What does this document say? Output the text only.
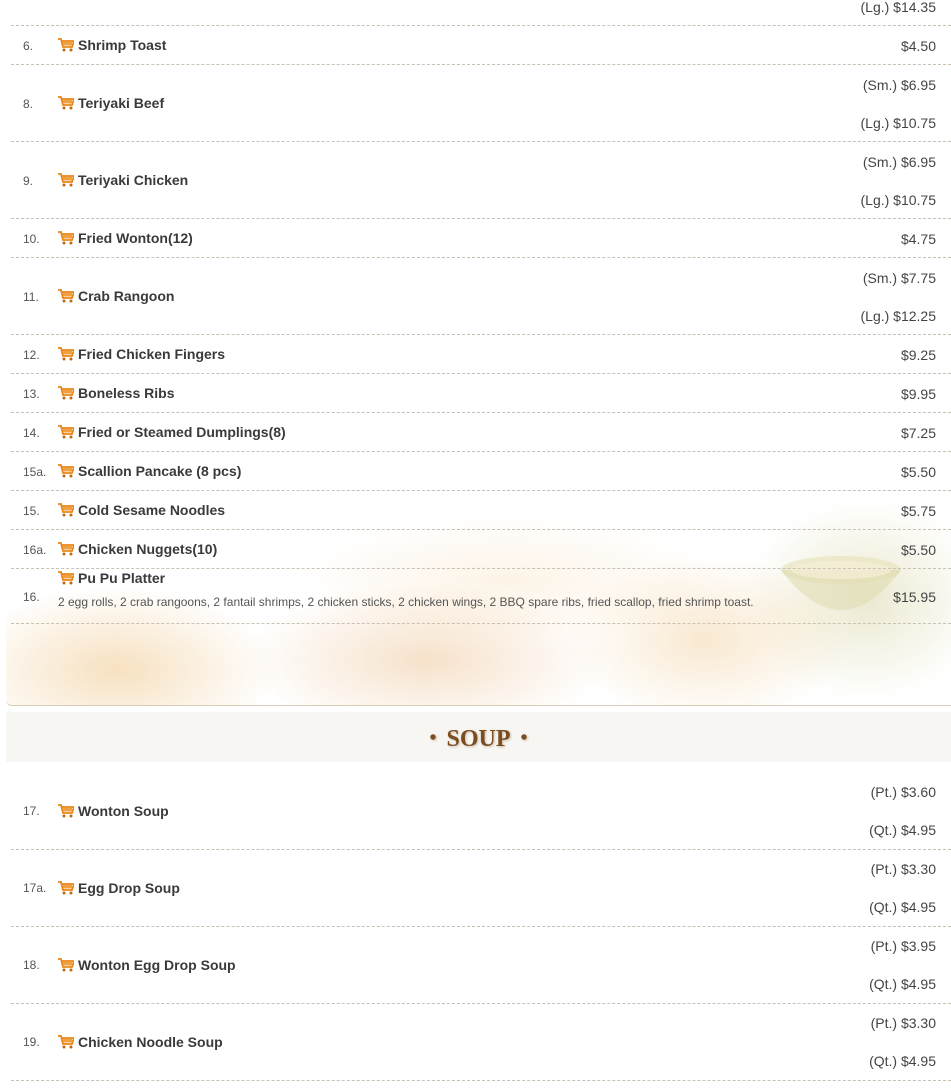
(Lg.) $14.35
6.	Shrimp Toast	$4.50
8.	Teriyaki Beef
(Sm.) $6.95
(Lg.) $10.75
9.	Teriyaki Chicken
(Sm.) $6.95
(Lg.) $10.75
10.	Fried Wonton(12)	$4.75
11.	Crab Rangoon
(Sm.) $7.75
(Lg.) $12.25
12.	Fried Chicken Fingers	$9.25
13.	Boneless Ribs	$9.95
14.	Fried or Steamed Dumplings(8)	$7.25
15a. Scallion Pancake (8 pcs)	$5.50
15.	Cold Sesame Noodles	$5.75
16a. Chicken Nuggets(10)	$5.50
16.
Pu Pu Platter
2 egg rolls, 2 crab rangoons, 2 fantail shrimps, 2 chicken sticks, 2 chicken wings, 2 BBQ spare ribs, fried scallop, fried shrimp toast.	$15.95
• SOUP •
17.	Wonton Soup
(Pt.) $3.60
(Qt.) $4.95
17a. Egg Drop Soup
(Pt.) $3.30
(Qt.) $4.95
18.	Wonton Egg Drop Soup
(Pt.) $3.95
(Qt.) $4.95
19.	Chicken Noodle Soup
(Pt.) $3.30
(Qt.) $4.95
